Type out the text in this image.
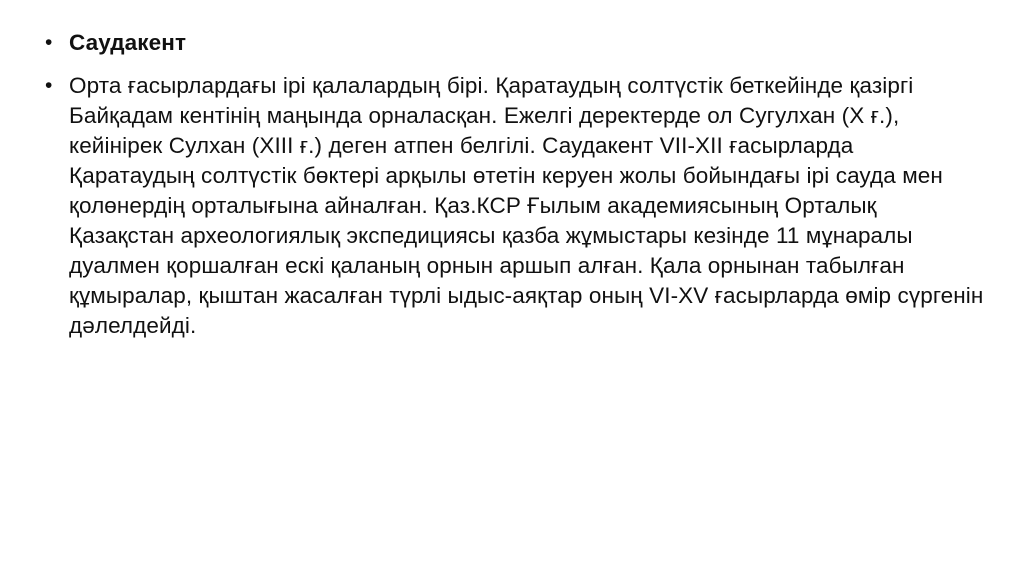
• Саудакент
• Орта ғасырлардағы ірі қалалардың бірі. Қаратаудың солтүстік беткейінде қазіргі Байқадам кентінің маңында орналасқан. Ежелгі деректерде ол Сугулхан (X ғ.), кейінірек Сулхан (XIII ғ.) деген атпен белгілі. Саудакент VII-XII ғасырларда Қаратаудың солтүстік бөктері арқылы өтетін керуен жолы бойындағы ірі сауда мен қолөнердің орталығына айналған. Қаз.КСР Ғылым академиясының Орталық Қазақстан археологиялық экспедициясы қазба жұмыстары кезінде 11 мұнаралы дуалмен қоршалған ескі қаланың орнын аршып алған. Қала орнынан табылған құмыралар, қыштан жасалған түрлі ыдыс-аяқтар оның VI-XV ғасырларда өмір сүргенін дәлелдейді.
